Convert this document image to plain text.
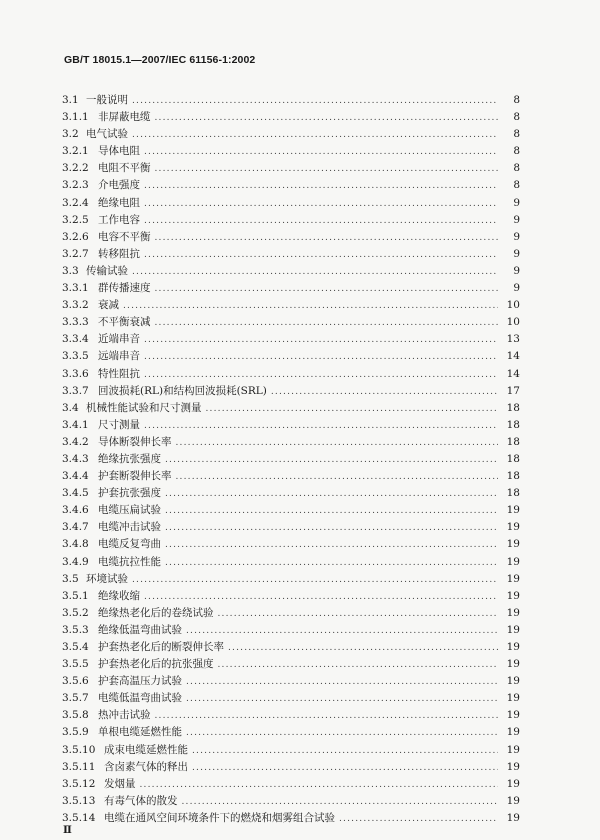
GB/T 18015.1—2007/IEC 61156-1:2002
3.1 一般说明 .....	8
3.1.1 非屏蔽电缆 .....	8
3.2 电气试验 .....	8
3.2.1 导体电阻 .....	8
3.2.2 电阻不平衡 .....	8
3.2.3 介电强度 .....	8
3.2.4 绝缘电阻 .....	9
3.2.5 工作电容 .....	9
3.2.6 电容不平衡 .....	9
3.2.7 转移阻抗 .....	9
3.3 传输试验 .....	9
3.3.1 群传播速度 .....	9
3.3.2 衰减 .....	10
3.3.3 不平衡衰减 .....	10
3.3.4 近端串音 .....	13
3.3.5 远端串音 .....	14
3.3.6 特性阻抗 .....	14
3.3.7 回波损耗(RL)和结构回波损耗(SRL) .....	17
3.4 机械性能试验和尺寸测量 .....	18
3.4.1 尺寸测量 .....	18
3.4.2 导体断裂伸长率 .....	18
3.4.3 绝缘抗张强度 .....	18
3.4.4 护套断裂伸长率 .....	18
3.4.5 护套抗张强度 .....	18
3.4.6 电缆压扁试验 .....	19
3.4.7 电缆冲击试验 .....	19
3.4.8 电缆反复弯曲 .....	19
3.4.9 电缆抗拉性能 .....	19
3.5 环境试验 .....	19
3.5.1 绝缘收缩 .....	19
3.5.2 绝缘热老化后的卷绕试验 .....	19
3.5.3 绝缘低温弯曲试验 .....	19
3.5.4 护套热老化后的断裂伸长率 .....	19
3.5.5 护套热老化后的抗张强度 .....	19
3.5.6 护套高温压力试验 .....	19
3.5.7 电缆低温弯曲试验 .....	19
3.5.8 热冲击试验 .....	19
3.5.9 单根电缆延燃性能 .....	19
3.5.10 成束电缆延燃性能 .....	19
3.5.11 含卤素气体的释出 .....	19
3.5.12 发烟量 .....	19
3.5.13 有毒气体的散发 .....	19
3.5.14 电缆在通风空间环境条件下的燃烧和烟雾组合试验 .....	19
Ⅱ
